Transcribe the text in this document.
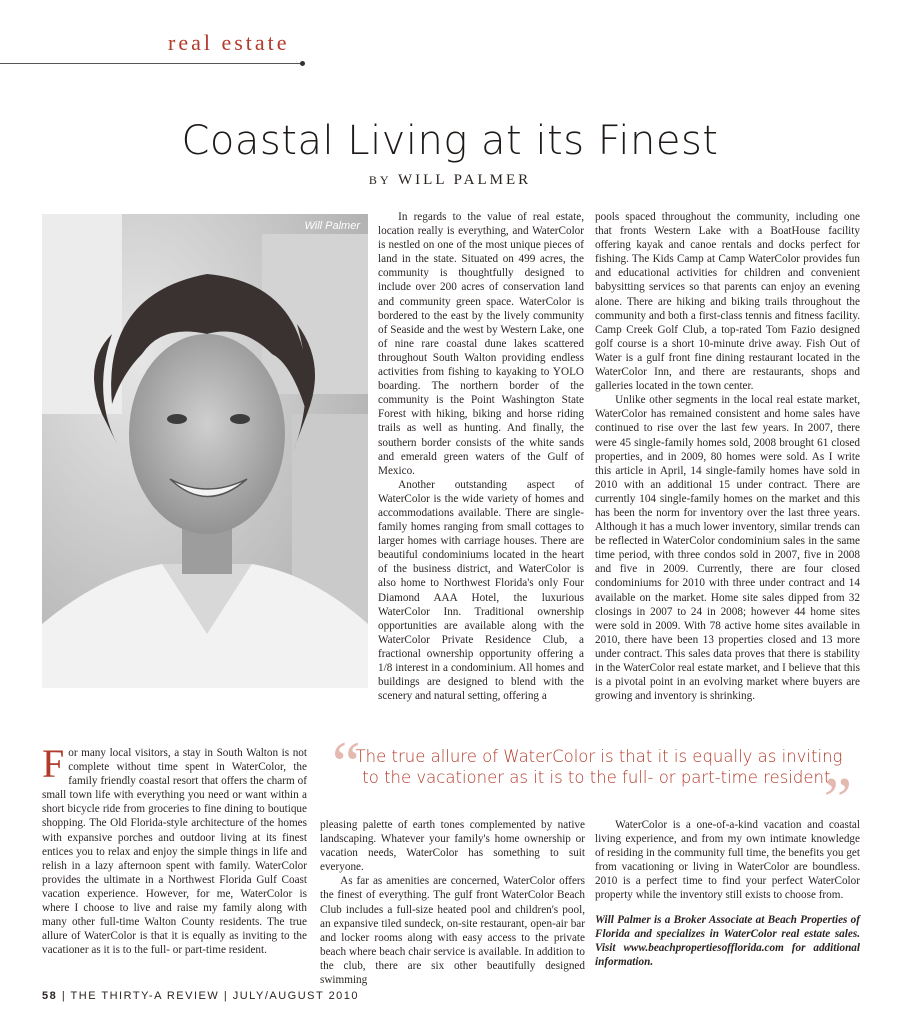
real estate
Coastal Living at its Finest
BY WILL PALMER
Will Palmer

In regards to the value of real estate, location really is everything, and WaterColor is nestled on one of the most unique pieces of land in the state. Situated on 499 acres, the community is thoughtfully designed to include over 200 acres of conservation land and community green space. WaterColor is bordered to the east by the lively community of Seaside and the west by Western Lake, one of nine rare coastal dune lakes scattered throughout South Walton providing endless activities from fishing to kayaking to YOLO boarding. The northern border of the community is the Point Washington State Forest with hiking, biking and horse riding trails as well as hunting. And finally, the southern border consists of the white sands and emerald green waters of the Gulf of Mexico.

Another outstanding aspect of WaterColor is the wide variety of homes and accommodations available. There are single-family homes ranging from small cottages to larger homes with carriage houses. There are beautiful condominiums located in the heart of the business district, and WaterColor is also home to Northwest Florida's only Four Diamond AAA Hotel, the luxurious WaterColor Inn. Traditional ownership opportunities are available along with the WaterColor Private Residence Club, a fractional ownership opportunity offering a 1/8 interest in a condominium. All homes and buildings are designed to blend with the scenery and natural setting, offering a

pools spaced throughout the community, including one that fronts Western Lake with a BoatHouse facility offering kayak and canoe rentals and docks perfect for fishing. The Kids Camp at Camp WaterColor provides fun and educational activities for children and convenient babysitting services so that parents can enjoy an evening alone. There are hiking and biking trails throughout the community and both a first-class tennis and fitness facility. Camp Creek Golf Club, a top-rated Tom Fazio designed golf course is a short 10-minute drive away. Fish Out of Water is a gulf front fine dining restaurant located in the WaterColor Inn, and there are restaurants, shops and galleries located in the town center.

Unlike other segments in the local real estate market, WaterColor has remained consistent and home sales have continued to rise over the last few years. In 2007, there were 45 single-family homes sold, 2008 brought 61 closed properties, and in 2009, 80 homes were sold. As I write this article in April, 14 single-family homes have sold in 2010 with an additional 15 under contract. There are currently 104 single-family homes on the market and this has been the norm for inventory over the last three years. Although it has a much lower inventory, similar trends can be reflected in WaterColor condominium sales in the same time period, with three condos sold in 2007, five in 2008 and five in 2009. Currently, there are four closed condominiums for 2010 with three under contract and 14 available on the market. Home site sales dipped from 32 closings in 2007 to 24 in 2008; however 44 home sites were sold in 2009. With 78 active home sites available in 2010, there have been 13 properties closed and 13 more under contract. This sales data proves that there is stability in the WaterColor real estate market, and I believe that this is a pivotal point in an evolving market where buyers are growing and inventory is shrinking.

“
The true allure of WaterColor is that it is equally as inviting to the vacationer as it is to the full- or part-time resident.
”
F or many local visitors, a stay in South Walton is not complete without time spent in WaterColor, the family friendly coastal resort that offers the charm of small town life with everything you need or want within a short bicycle ride from groceries to fine dining to boutique shopping. The Old Florida-style architecture of the homes with expansive porches and outdoor living at its finest entices you to relax and enjoy the simple things in life and relish in a lazy afternoon spent with family. WaterColor provides the ultimate in a Northwest Florida Gulf Coast vacation experience. However, for me, WaterColor is where I choose to live and raise my family along with many other full-time Walton County residents. The true allure of WaterColor is that it is equally as inviting to the vacationer as it is to the full- or part-time resident.

pleasing palette of earth tones complemented by native landscaping. Whatever your family's home ownership or vacation needs, WaterColor has something to suit everyone.

As far as amenities are concerned, WaterColor offers the finest of everything. The gulf front WaterColor Beach Club includes a full-size heated pool and children's pool, an expansive tiled sundeck, on-site restaurant, open-air bar and locker rooms along with easy access to the private beach where beach chair service is available. In addition to the club, there are six other beautifully designed swimming

WaterColor is a one-of-a-kind vacation and coastal living experience, and from my own intimate knowledge of residing in the community full time, the benefits you get from vacationing or living in WaterColor are boundless. 2010 is a perfect time to find your perfect WaterColor property while the inventory still exists to choose from.

Will Palmer is a Broker Associate at Beach Properties of Florida and specializes in WaterColor real estate sales. Visit www.beachpropertiesofflorida.com for additional information.

58 | THE THIRTY-A REVIEW | JULY/AUGUST 2010
